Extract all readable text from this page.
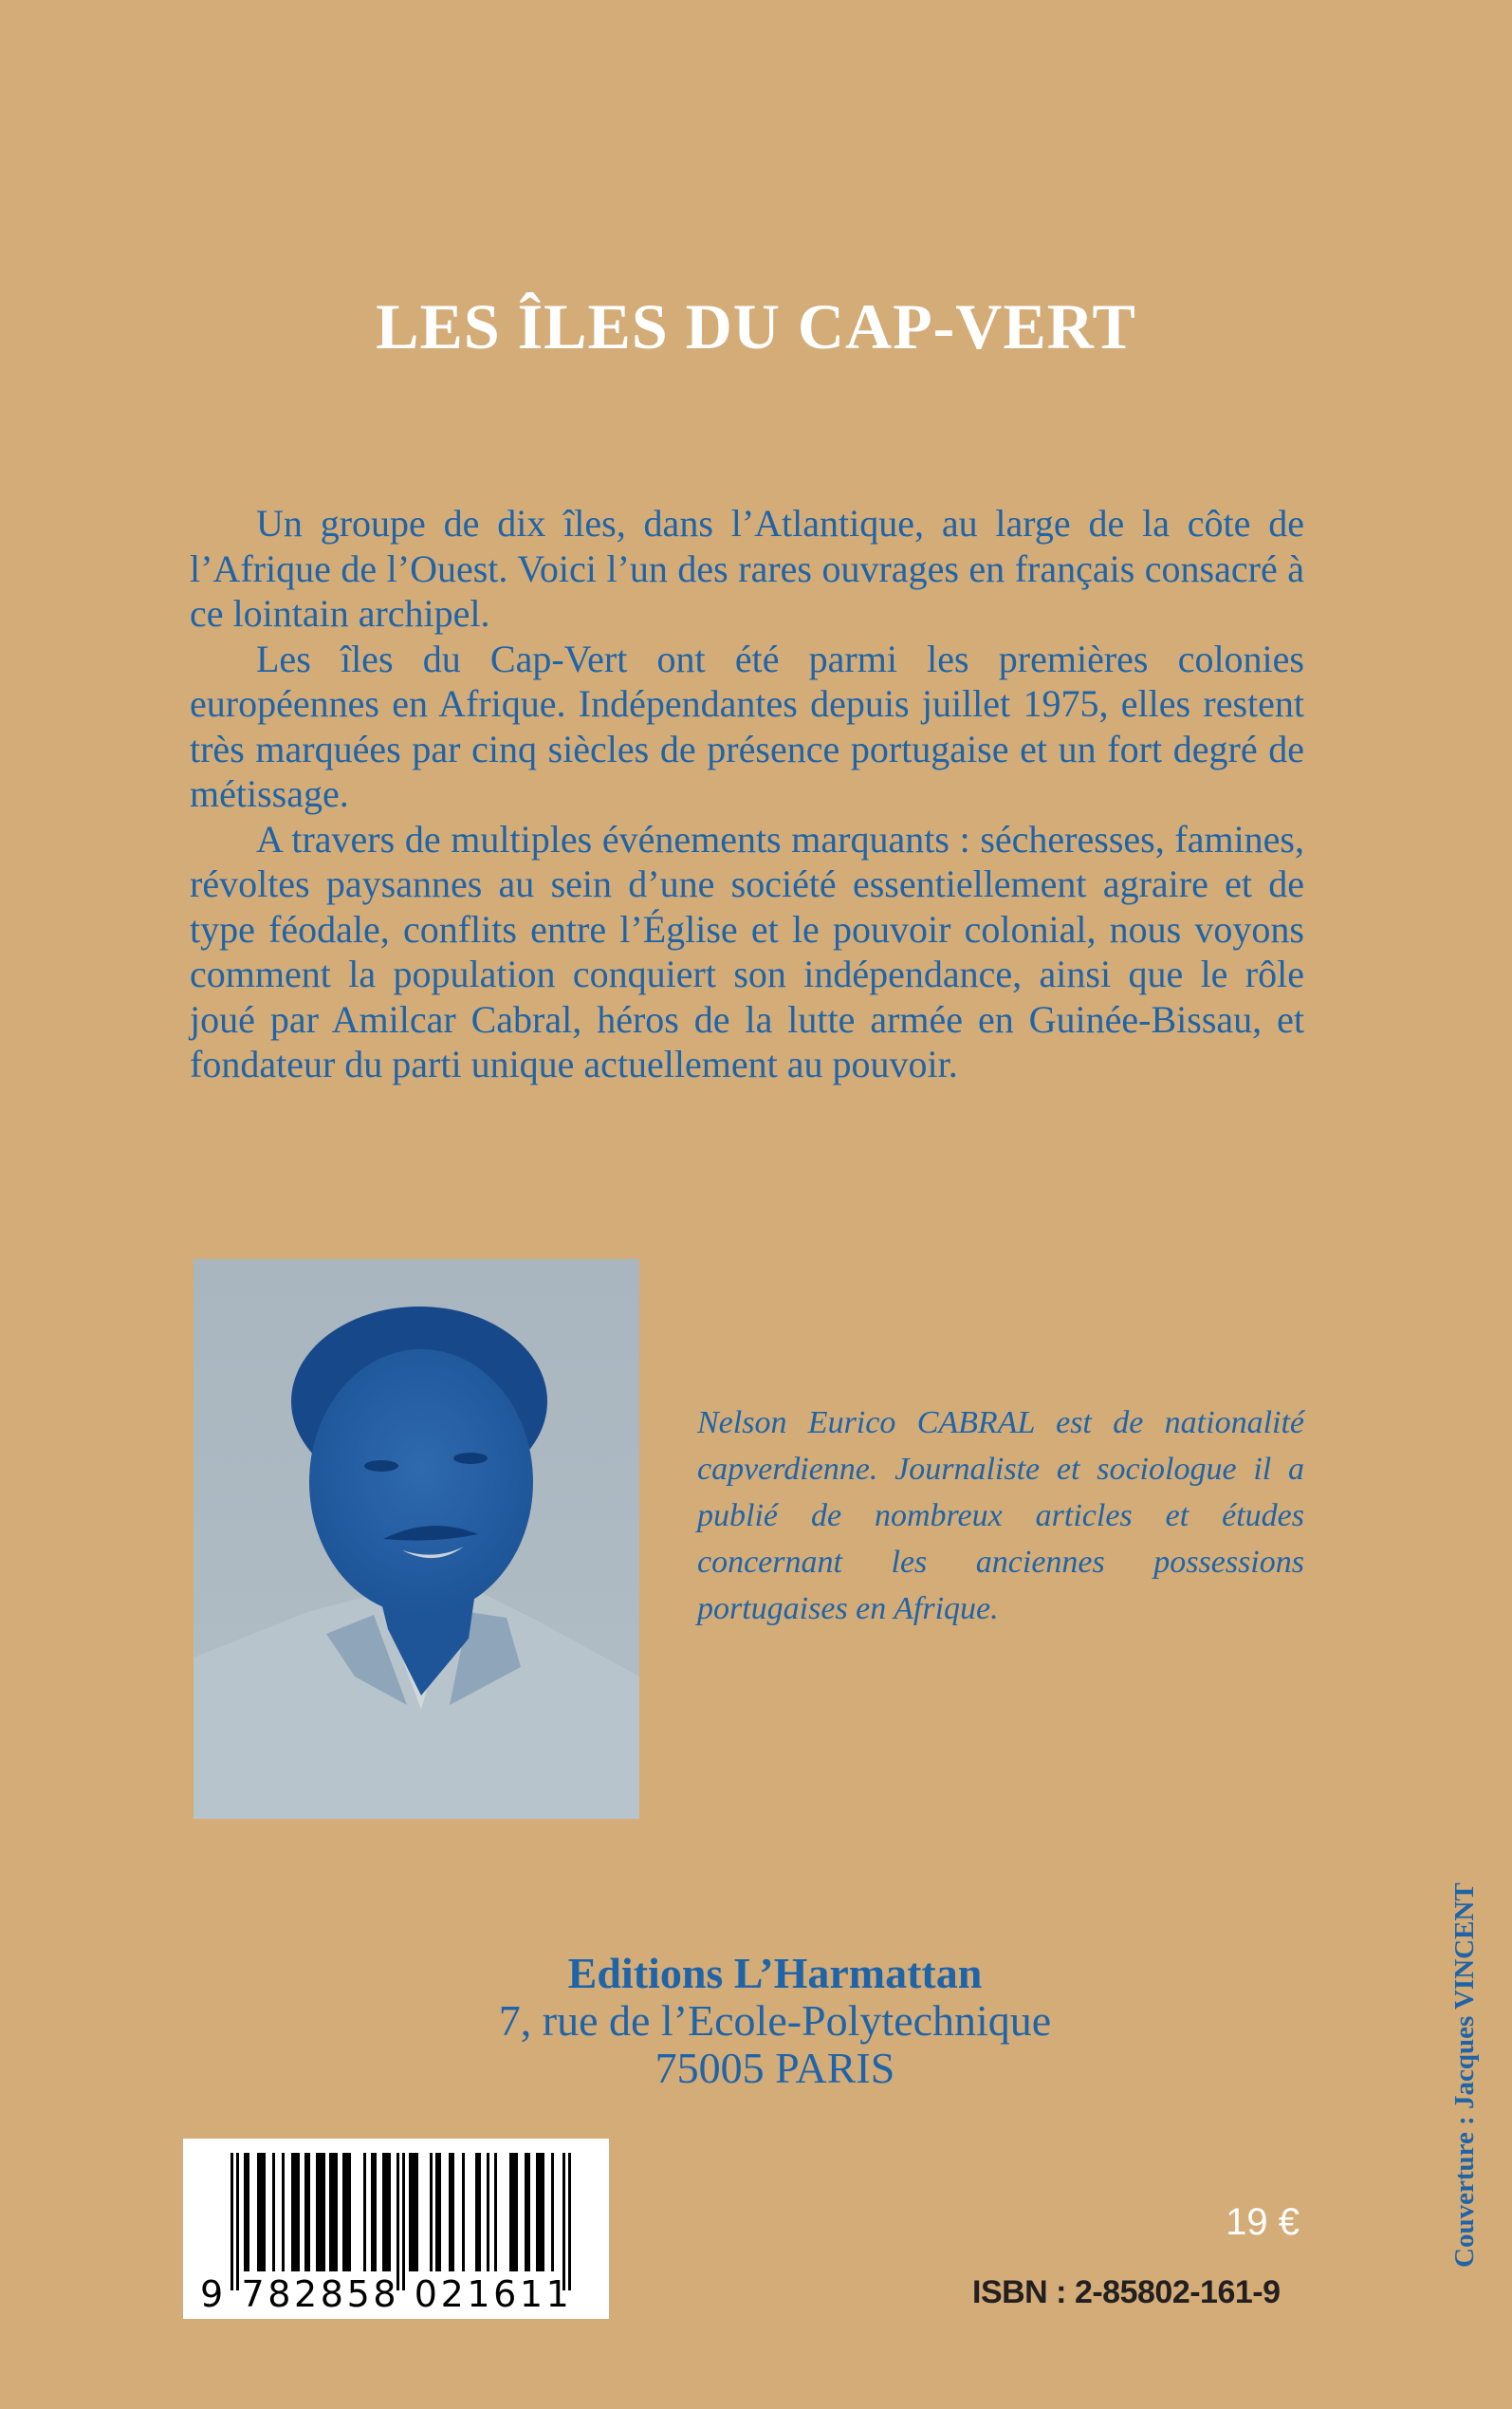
LES ÎLES DU CAP-VERT

Un groupe de dix îles, dans l’Atlantique, au large de la côte de l’Afrique de l’Ouest. Voici l’un des rares ouvrages en français consacré à ce lointain archipel.

Les îles du Cap-Vert ont été parmi les premières colonies européennes en Afrique. Indépendantes depuis juillet 1975, elles restent très marquées par cinq siècles de présence portugaise et un fort degré de métissage.

A travers de multiples événements marquants : sécheresses, famines, révoltes paysannes au sein d’une société essentiellement agraire et de type féodale, conflits entre l’Église et le pouvoir colonial, nous voyons comment la population conquiert son indépendance, ainsi que le rôle joué par Amilcar Cabral, héros de la lutte armée en Guinée-Bissau, et fondateur du parti unique actuellement au pouvoir.

Nelson Eurico CABRAL est de nationalité capverdienne. Journaliste et sociologue il a publié de nombreux articles et études concernant les anciennes possessions portugaises en Afrique.

Editions L’Harmattan
7, rue de l’Ecole-Polytechnique
75005 PARIS
9 782858 021611
19 €
ISBN : 2-85802-161-9
Couverture : Jacques VINCENT
